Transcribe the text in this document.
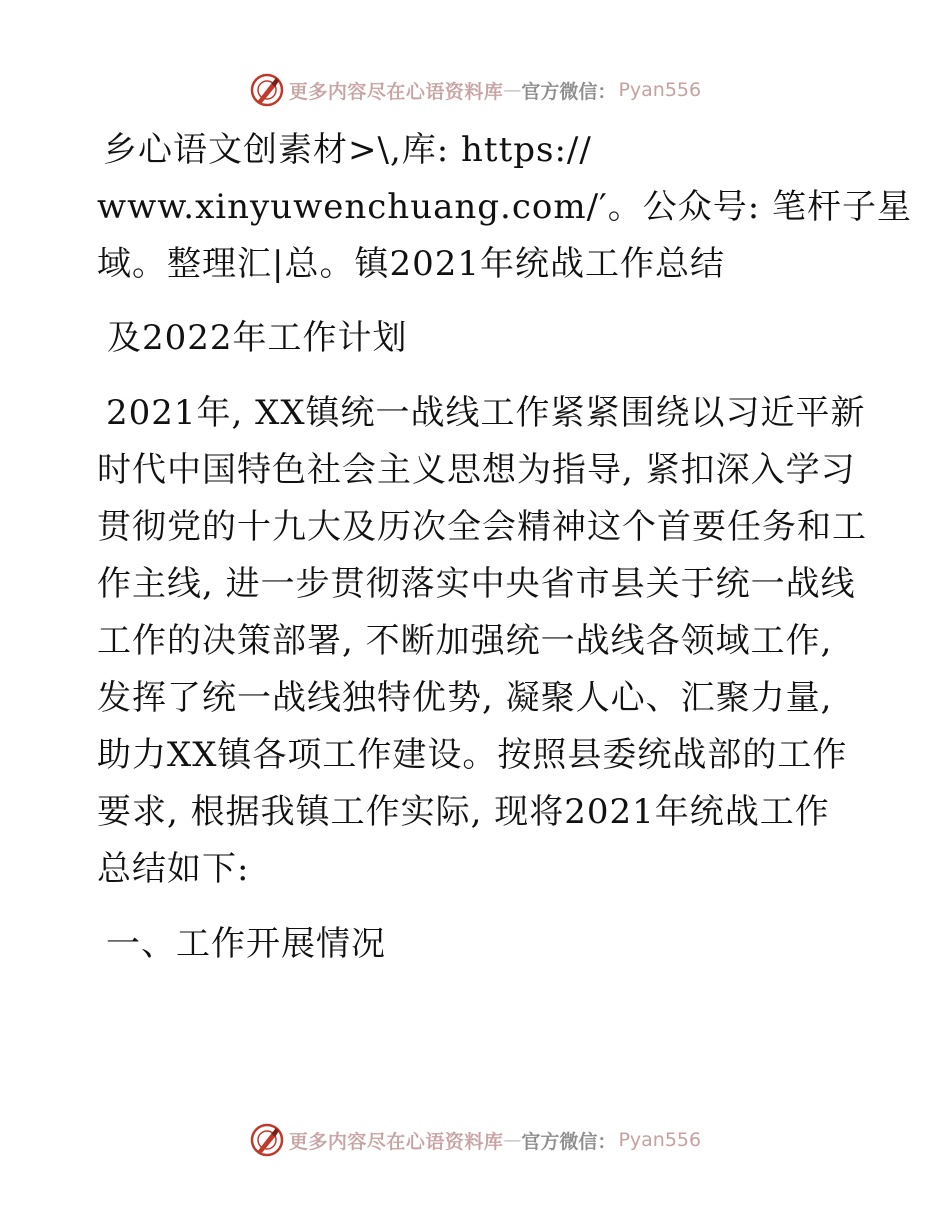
更多内容尽在心语资料库 — 官方微信： Pyan556
乡心语文创素材>\,库: https://
www.xinyuwenchuang.com/′。公众号: 笔杆子星
域。整理汇|总。镇2021年统战工作总结
及2022年工作计划
2021年, XX镇统一战线工作紧紧围绕以习近平新
时代中国特色社会主义思想为指导, 紧扣深入学习
贯彻党的十九大及历次全会精神这个首要任务和工
作主线, 进一步贯彻落实中央省市县关于统一战线
工作的决策部署, 不断加强统一战线各领域工作,
发挥了统一战线独特优势, 凝聚人心、汇聚力量,
助力XX镇各项工作建设。按照县委统战部的工作
要求, 根据我镇工作实际, 现将2021年统战工作
总结如下:
一、工作开展情况
更多内容尽在心语资料库 — 官方微信： Pyan556
